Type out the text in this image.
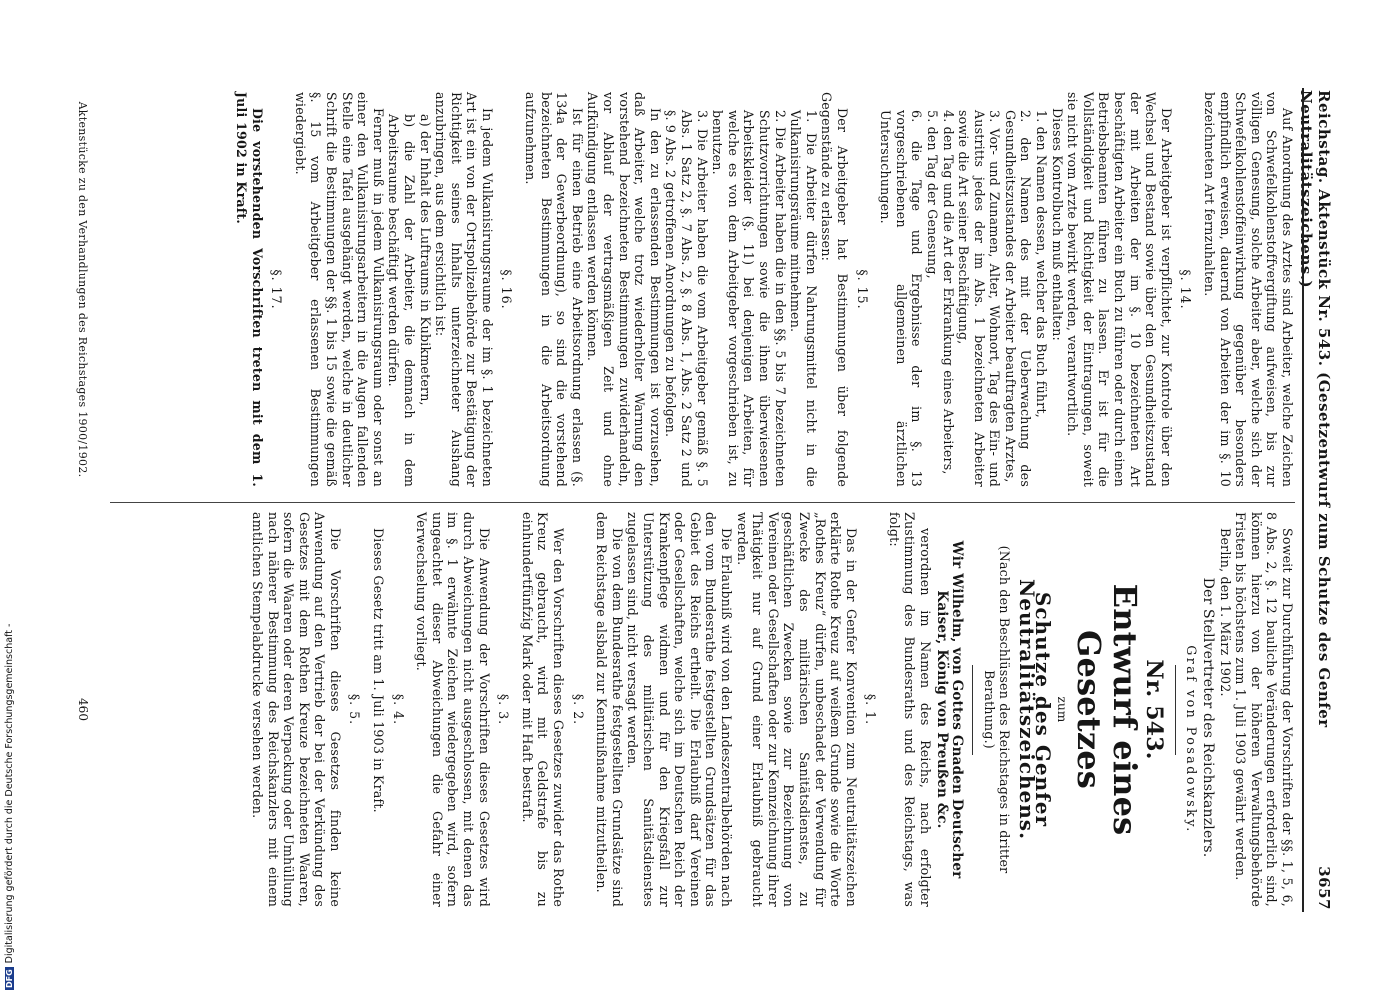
Reichstag. Aktenstück Nr. 543. (Gesetzentwurf zum Schutze des Genfer Neutralitätszeichens.)
3657

Auf Anordnung des Arztes sind Arbeiter, welche Zeichen von Schwefelkohlenstoffvergiftung aufweisen, bis zur völligen Genesung, solche Arbeiter aber, welche sich der Schwefelkohlenstoffeinwirkung gegenüber besonders empfindlich erweisen, dauernd von Arbeiten der im §. 10 bezeichneten Art fernzuhalten.

§. 14.

Der Arbeitgeber ist verpflichtet, zur Kontrole über den Wechsel und Bestand sowie über den Gesundheitszustand der mit Arbeiten der im §. 10 bezeichneten Art beschäftigten Arbeiter ein Buch zu führen oder durch einen Betriebsbeamten führen zu lassen. Er ist für die Vollständigkeit und Richtigkeit der Eintragungen, soweit sie nicht vom Arzte bewirkt werden, verantwortlich.

Dieses Kontrolbuch muß enthalten:

1. den Namen dessen, welcher das Buch führt,

2. den Namen des mit der Ueberwachung des Gesundheitszustandes der Arbeiter beauftragten Arztes,

3. Vor- und Zunamen, Alter, Wohnort, Tag des Ein- und Austritts jedes der im Abs. 1 bezeichneten Arbeiter sowie die Art seiner Beschäftigung,

4. den Tag und die Art der Erkrankung eines Arbeiters,

5. den Tag der Genesung,

6. die Tage und Ergebnisse der im §. 13 vorgeschriebenen allgemeinen ärztlichen Untersuchungen.

§. 15.

Der Arbeitgeber hat Bestimmungen über folgende Gegenstände zu erlassen:

1. Die Arbeiter dürfen Nahrungsmittel nicht in die Vulkanisirungsräume mitnehmen.

2. Die Arbeiter haben die in den §§. 5 bis 7 bezeichneten Schutzvorrichtungen sowie die ihnen überwiesenen Arbeitskleider (§. 11) bei denjenigen Arbeiten, für welche es von dem Arbeitgeber vorgeschrieben ist, zu benutzen.

3. Die Arbeiter haben die vom Arbeitgeber gemäß §. 5 Abs. 1 Satz 2, §. 7 Abs. 2, §. 8 Abs. 1, Abs. 2 Satz 2 und §. 9 Abs. 2 getroffenen Anordnungen zu befolgen.

In den zu erlassenden Bestimmungen ist vorzusehen, daß Arbeiter, welche trotz wiederholter Warnung den vorstehend bezeichneten Bestimmungen zuwiderhandeln, vor Ablauf der vertragsmäßigen Zeit und ohne Aufkündigung entlassen werden können.

Ist für einen Betrieb eine Arbeitsordnung erlassen (§. 134a der Gewerbeordnung), so sind die vorstehend bezeichneten Bestimmungen in die Arbeitsordnung aufzunehmen.

§. 16.

In jedem Vulkanisirungsraume der im §. 1 bezeichneten Art ist ein von der Ortspolizeibehörde zur Bestätigung der Richtigkeit seines Inhalts unterzeichneter Aushang anzubringen, aus dem ersichtlich ist:

a) der Inhalt des Luftraums in Kubikmetern,

b) die Zahl der Arbeiter, die demnach in dem Arbeitsraume beschäftigt werden dürfen.

Ferner muß in jedem Vulkanisirungsraum oder sonst an einer den Vulkanisirungsarbeitern in die Augen fallenden Stelle eine Tafel ausgehängt werden, welche in deutlicher Schrift die Bestimmungen der §§. 1 bis 15 sowie die gemäß §. 15 vom Arbeitgeber erlassenen Bestimmungen wiedergiebt.

§. 17.

Die vorstehenden Vorschriften treten mit dem 1. Juli 1902 in Kraft.

Aktenstücke zu den Verhandlungen des Reichstages 1900/1902.

Soweit zur Durchführung der Vorschriften der §§. 1, 5, 6, 8 Abs. 2, §. 12 bauliche Veränderungen erforderlich sind, können hierzu von der höheren Verwaltungsbehörde Fristen bis höchstens zum 1. Juli 1903 gewährt werden.

Berlin, den 1. März 1902.

Der Stellvertreter des Reichskanzlers.

Graf von Posadowsky.

Nr. 543.
Entwurf eines Gesetzes
zum
Schutze des Genfer Neutralitätszeichens.
(Nach den Beschlüssen des Reichstages in dritter Berathung.)

Wir Wilhelm, von Gottes Gnaden Deutscher Kaiser, König von Preußen &c.

verordnen im Namen des Reichs, nach erfolgter Zustimmung des Bundesraths und des Reichstags, was folgt:

§. 1.

Das in der Genfer Konvention zum Neutralitätszeichen erklärte Rothe Kreuz auf weißem Grunde sowie die Worte „Rothes Kreuz“ dürfen, unbeschadet der Verwendung für Zwecke des militärischen Sanitätsdienstes, zu geschäftlichen Zwecken sowie zur Bezeichnung von Vereinen oder Gesellschaften oder zur Kennzeichnung ihrer Thätigkeit nur auf Grund einer Erlaubniß gebraucht werden.

Die Erlaubniß wird von den Landeszentralbehörden nach den vom Bundesrathe festgestellten Grundsätzen für das Gebiet des Reichs ertheilt. Die Erlaubniß darf Vereinen oder Gesellschaften, welche sich im Deutschen Reich der Krankenpflege widmen und für den Kriegsfall zur Unterstützung des militärischen Sanitätsdienstes zugelassen sind, nicht versagt werden.

Die von dem Bundesrathe festgestellten Grundsätze sind dem Reichstage alsbald zur Kenntnißnahme mitzutheilen.

§. 2.

Wer den Vorschriften dieses Gesetzes zuwider das Rothe Kreuz gebraucht, wird mit Geldstrafe bis zu einhundertfünfzig Mark oder mit Haft bestraft.

§. 3.

Die Anwendung der Vorschriften dieses Gesetzes wird durch Abweichungen nicht ausgeschlossen, mit denen das im §. 1 erwähnte Zeichen wiedergegeben wird, sofern ungeachtet dieser Abweichungen die Gefahr einer Verwechselung vorliegt.

§. 4.

Dieses Gesetz tritt am 1. Juli 1903 in Kraft.

§. 5.

Die Vorschriften dieses Gesetzes finden keine Anwendung auf den Vertrieb der bei der Verkündung des Gesetzes mit dem Rothen Kreuze bezeichneten Waaren, sofern die Waaren oder deren Verpackung oder Umhüllung nach näherer Bestimmung des Reichskanzlers mit einem amtlichen Stempelabdrucke versehen werden.

460
DFG
Digitalisierung gefördert durch die Deutsche Forschungsgemeinschaft -
